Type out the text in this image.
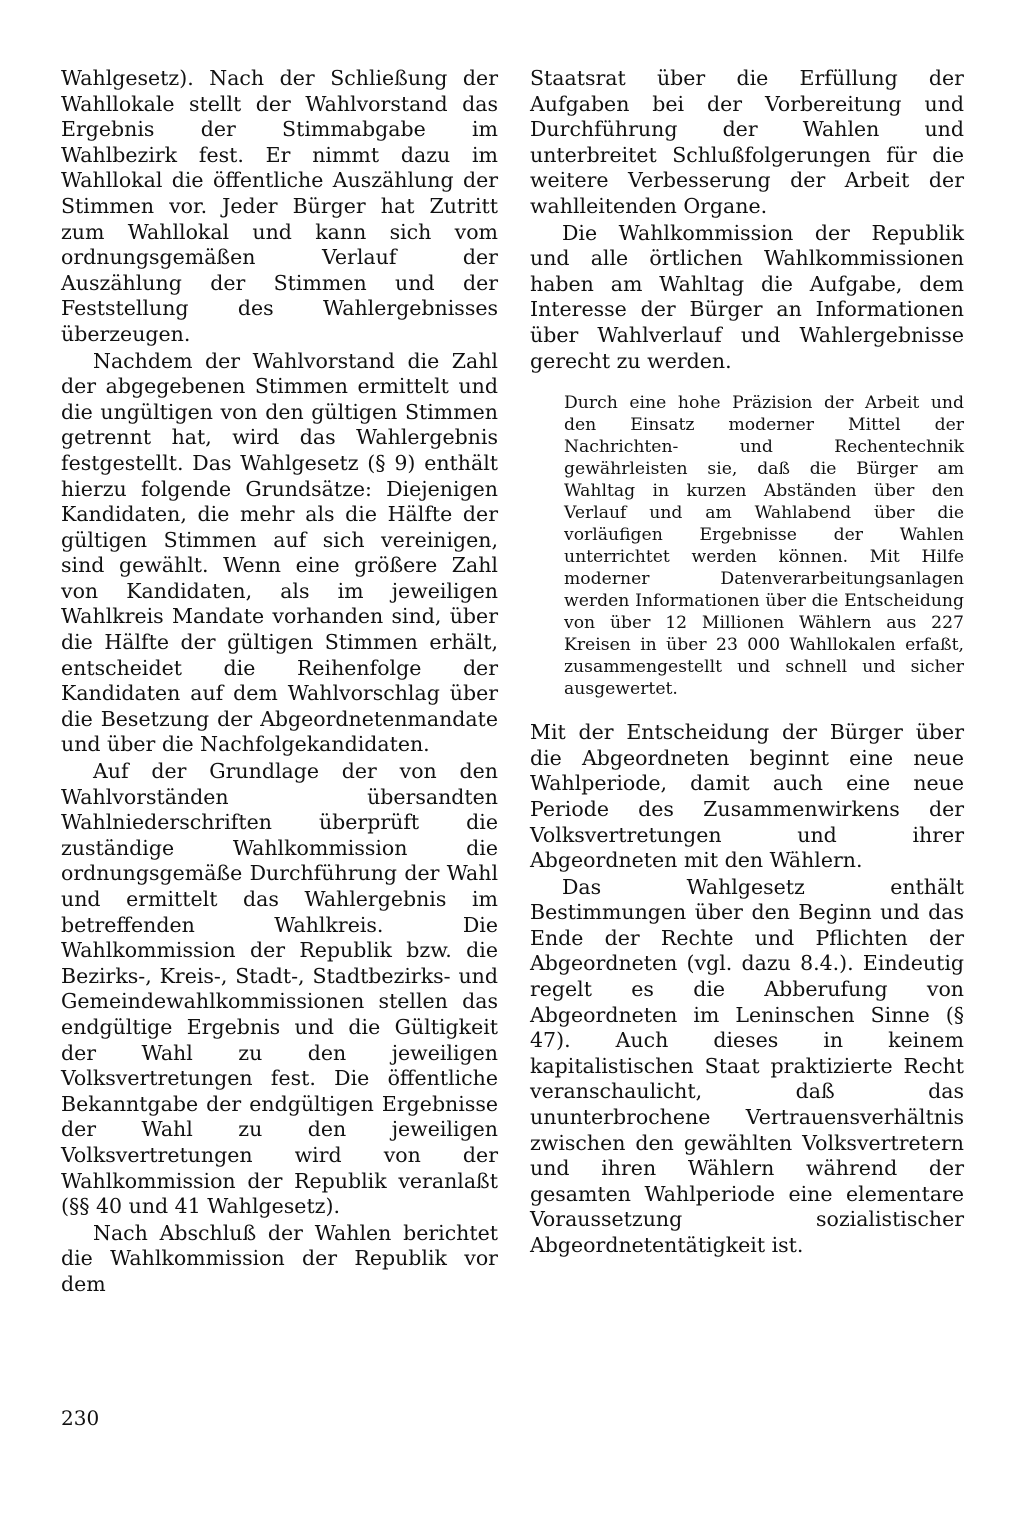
Wahlgesetz). Nach der Schließung der Wahllokale stellt der Wahlvorstand das Ergebnis der Stimmabgabe im Wahlbezirk fest. Er nimmt dazu im Wahllokal die öffentliche Auszählung der Stimmen vor. Jeder Bürger hat Zutritt zum Wahllokal und kann sich vom ordnungsgemäßen Verlauf der Auszählung der Stimmen und der Feststellung des Wahlergebnisses überzeugen.

Nachdem der Wahlvorstand die Zahl der abgegebenen Stimmen ermittelt und die ungültigen von den gültigen Stimmen getrennt hat, wird das Wahlergebnis festgestellt. Das Wahlgesetz (§ 9) enthält hierzu folgende Grundsätze: Diejenigen Kandidaten, die mehr als die Hälfte der gültigen Stimmen auf sich vereinigen, sind gewählt. Wenn eine größere Zahl von Kandidaten, als im jeweiligen Wahlkreis Mandate vorhanden sind, über die Hälfte der gültigen Stimmen erhält, entscheidet die Reihenfolge der Kandidaten auf dem Wahlvorschlag über die Besetzung der Abgeordnetenmandate und über die Nachfolgekandidaten.

Auf der Grundlage der von den Wahlvorständen übersandten Wahlniederschriften überprüft die zuständige Wahlkommission die ordnungsgemäße Durchführung der Wahl und ermittelt das Wahlergebnis im betreffenden Wahlkreis. Die Wahlkommission der Republik bzw. die Bezirks-, Kreis-, Stadt-, Stadtbezirks- und Gemeindewahlkommissionen stellen das endgültige Ergebnis und die Gültigkeit der Wahl zu den jeweiligen Volksvertretungen fest. Die öffentliche Bekanntgabe der endgültigen Ergebnisse der Wahl zu den jeweiligen Volksvertretungen wird von der Wahlkommission der Republik veranlaßt (§§ 40 und 41 Wahlgesetz).

Nach Abschluß der Wahlen berichtet die Wahlkommission der Republik vor dem

Staatsrat über die Erfüllung der Aufgaben bei der Vorbereitung und Durchführung der Wahlen und unterbreitet Schlußfolgerungen für die weitere Verbesserung der Arbeit der wahlleitenden Organe.

Die Wahlkommission der Republik und alle örtlichen Wahlkommissionen haben am Wahltag die Aufgabe, dem Interesse der Bürger an Informationen über Wahlverlauf und Wahlergebnisse gerecht zu werden.

Durch eine hohe Präzision der Arbeit und den Einsatz moderner Mittel der Nachrichten- und Rechentechnik gewährleisten sie, daß die Bürger am Wahltag in kurzen Abständen über den Verlauf und am Wahlabend über die vorläufigen Ergebnisse der Wahlen unterrichtet werden können. Mit Hilfe moderner Datenverarbeitungsanlagen werden Informationen über die Entscheidung von über 12 Millionen Wählern aus 227 Kreisen in über 23 000 Wahllokalen erfaßt, zusammengestellt und schnell und sicher ausgewertet.

Mit der Entscheidung der Bürger über die Abgeordneten beginnt eine neue Wahlperiode, damit auch eine neue Periode des Zusammenwirkens der Volksvertretungen und ihrer Abgeordneten mit den Wählern.

Das Wahlgesetz enthält Bestimmungen über den Beginn und das Ende der Rechte und Pflichten der Abgeordneten (vgl. dazu 8.4.). Eindeutig regelt es die Abberufung von Abgeordneten im Leninschen Sinne (§ 47). Auch dieses in keinem kapitalistischen Staat praktizierte Recht veranschaulicht, daß das ununterbrochene Vertrauensverhältnis zwischen den gewählten Volksvertretern und ihren Wählern während der gesamten Wahlperiode eine elementare Voraussetzung sozialistischer Abgeordnetentätigkeit ist.

230
